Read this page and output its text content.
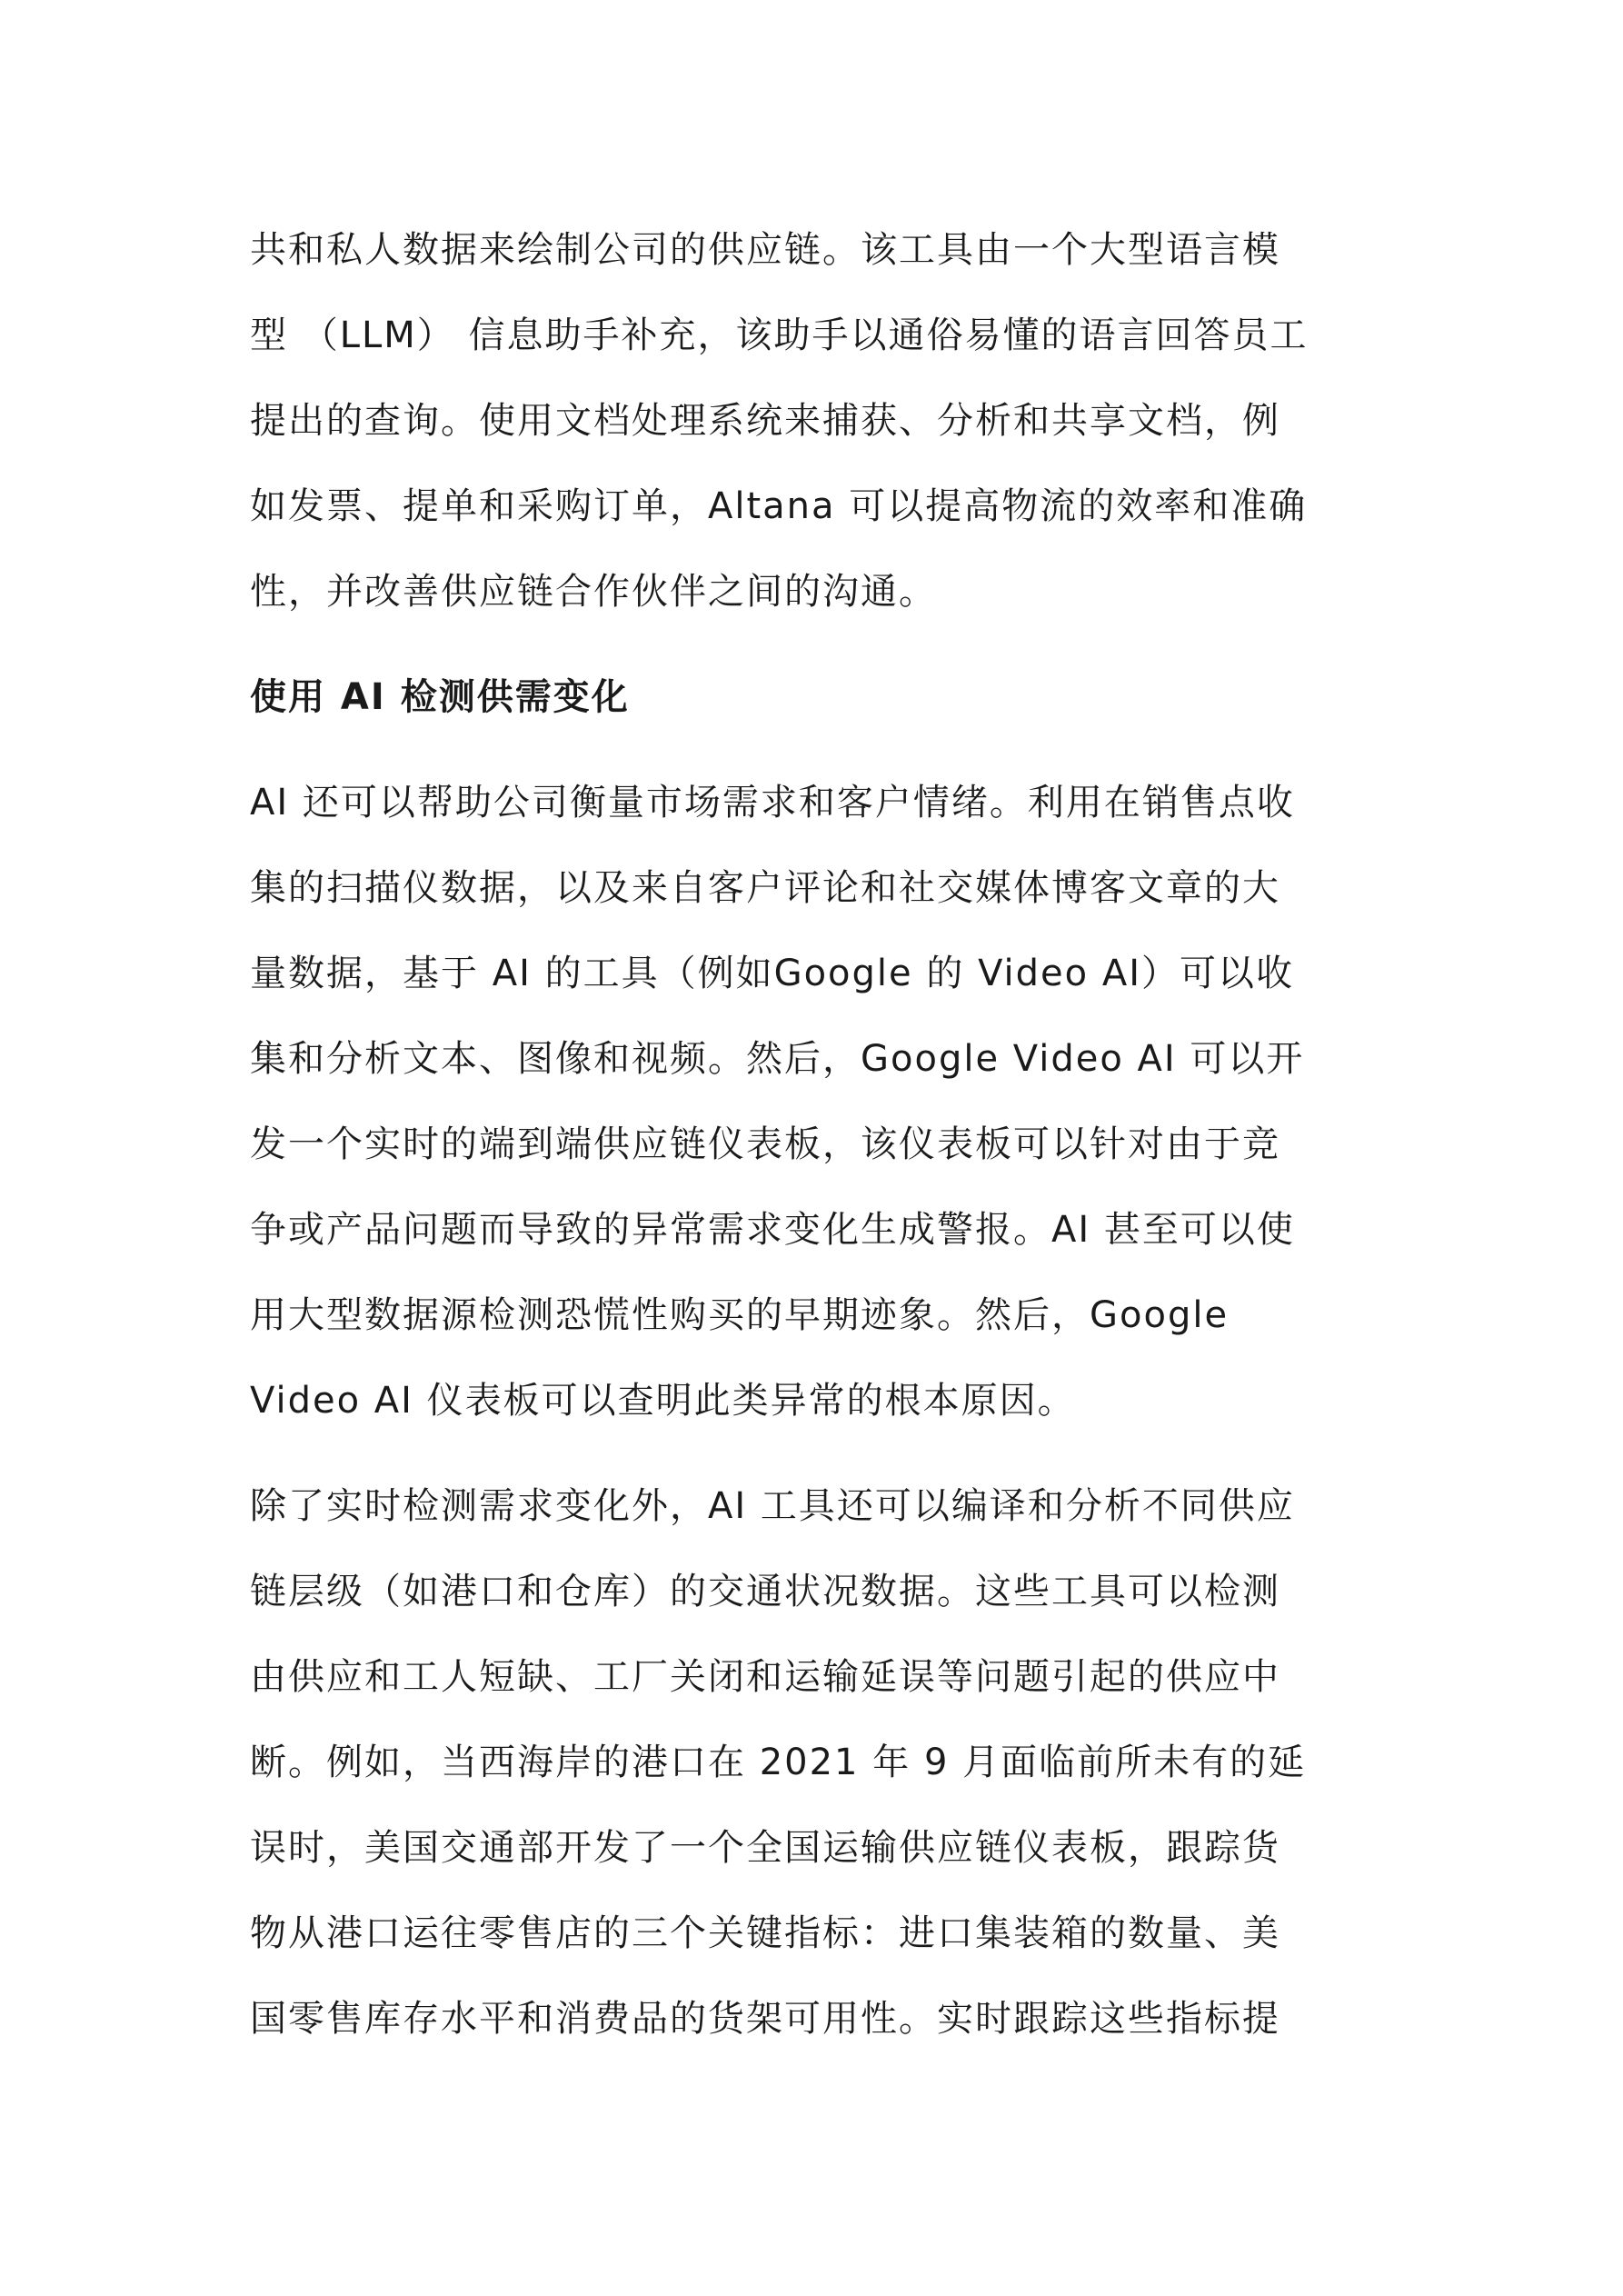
共和私人数据来绘制公司的供应链。该工具由一个大型语言模
型 （LLM） 信息助手补充，该助手以通俗易懂的语言回答员工
提出的查询。使用文档处理系统来捕获、分析和共享文档，例
如发票、提单和采购订单，Altana 可以提高物流的效率和准确
性，并改善供应链合作伙伴之间的沟通。
使用 AI 检测供需变化
AI 还可以帮助公司衡量市场需求和客户情绪。利用在销售点收
集的扫描仪数据，以及来自客户评论和社交媒体博客文章的大
量数据，基于 AI 的工具（例如Google 的 Video AI）可以收
集和分析文本、图像和视频。然后，Google Video AI 可以开
发一个实时的端到端供应链仪表板，该仪表板可以针对由于竞
争或产品问题而导致的异常需求变化生成警报。AI 甚至可以使
用大型数据源检测恐慌性购买的早期迹象。然后，Google
Video AI 仪表板可以查明此类异常的根本原因。
除了实时检测需求变化外，AI 工具还可以编译和分析不同供应
链层级（如港口和仓库）的交通状况数据。这些工具可以检测
由供应和工人短缺、工厂关闭和运输延误等问题引起的供应中
断。例如，当西海岸的港口在 2021 年 9 月面临前所未有的延
误时，美国交通部开发了一个全国运输供应链仪表板，跟踪货
物从港口运往零售店的三个关键指标：进口集装箱的数量、美
国零售库存水平和消费品的货架可用性。实时跟踪这些指标提
